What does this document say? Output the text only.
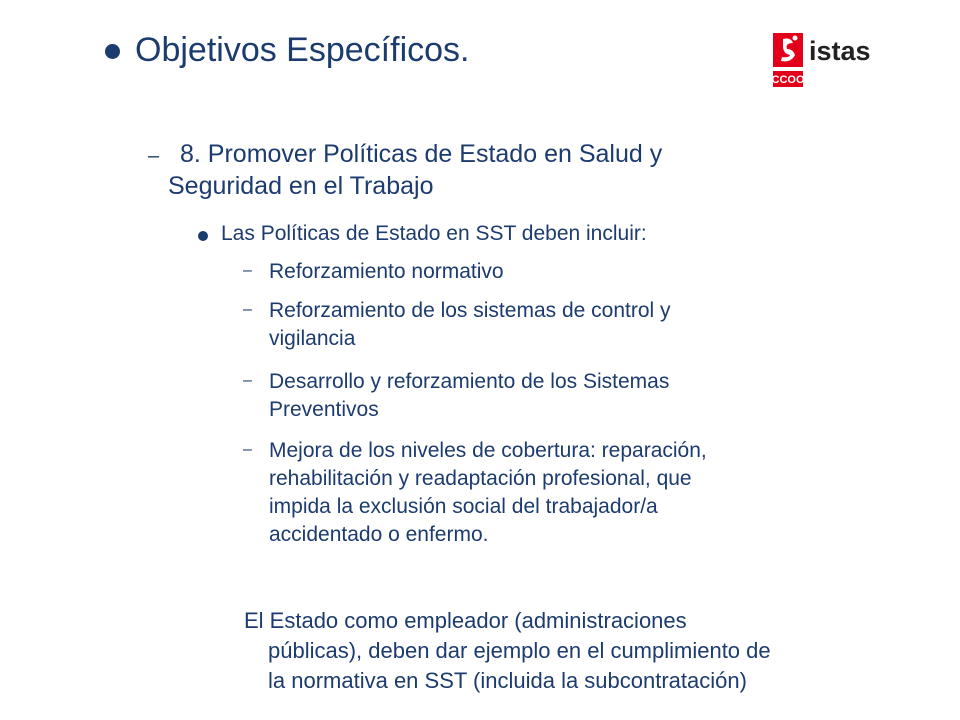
Objetivos Específicos.
CCOO
istas
– 8. Promover Políticas de Estado en Salud y
Seguridad en el Trabajo
Las Políticas de Estado en SST deben incluir:
– Reforzamiento normativo
– Reforzamiento de los sistemas de control y
vigilancia
– Desarrollo y reforzamiento de los Sistemas
Preventivos
– Mejora de los niveles de cobertura: reparación,
rehabilitación y readaptación profesional, que
impida la exclusión social del trabajador/a
accidentado o enfermo.
El Estado como empleador (administraciones
públicas), deben dar ejemplo en el cumplimiento de
la normativa en SST (incluida la subcontratación)
